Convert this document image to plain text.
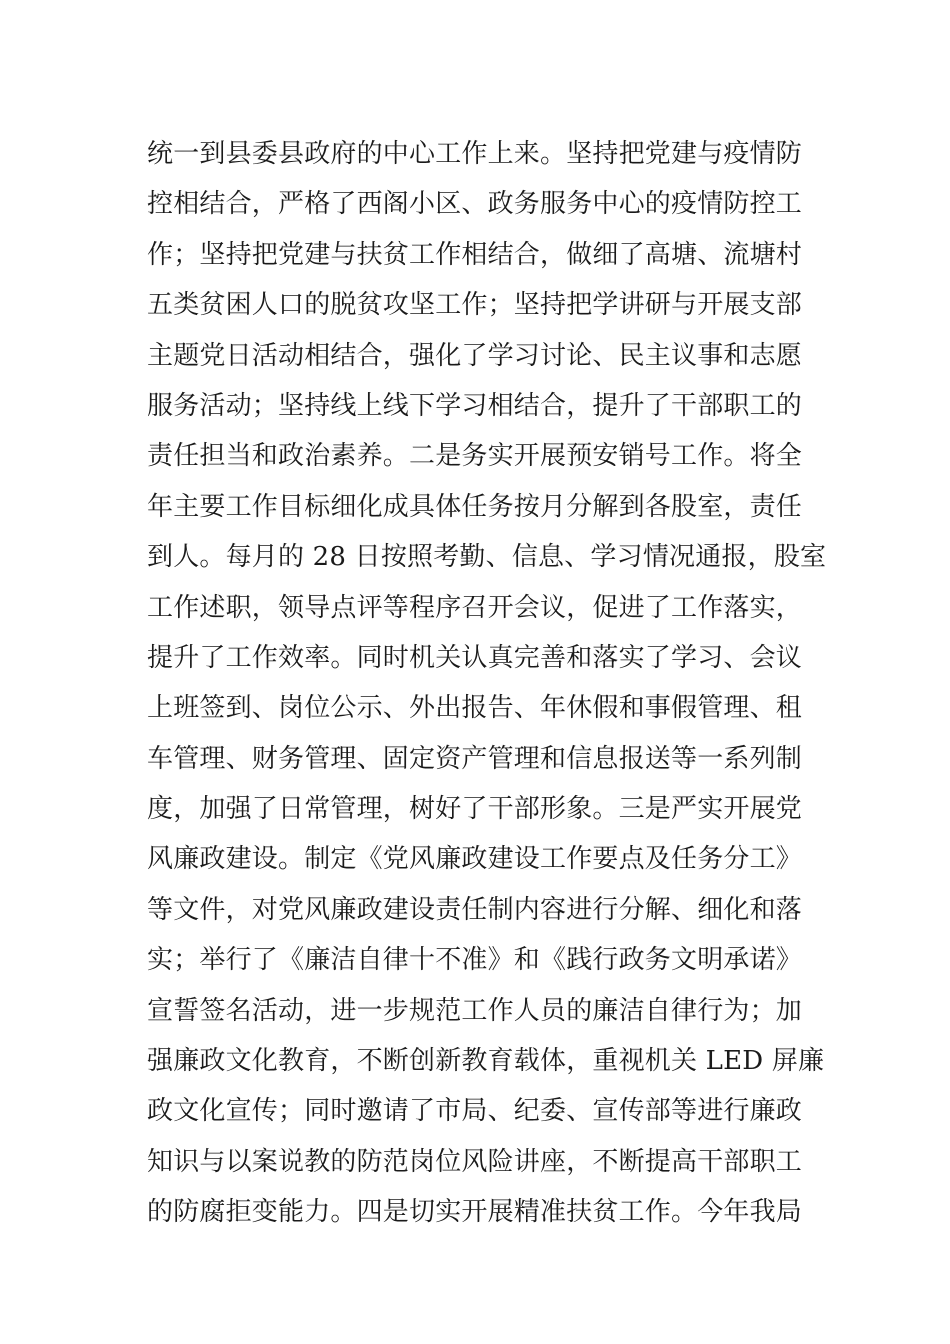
统一到县委县政府的中心工作上来。坚持把党建与疫情防
控相结合，严格了西阁小区、政务服务中心的疫情防控工
作；坚持把党建与扶贫工作相结合，做细了高塘、流塘村
五类贫困人口的脱贫攻坚工作；坚持把学讲研与开展支部
主题党日活动相结合，强化了学习讨论、民主议事和志愿
服务活动；坚持线上线下学习相结合，提升了干部职工的
责任担当和政治素养。二是务实开展预安销号工作。将全
年主要工作目标细化成具体任务按月分解到各股室，责任
到人。每月的 28 日按照考勤、信息、学习情况通报，股室
工作述职，领导点评等程序召开会议，促进了工作落实，
提升了工作效率。同时机关认真完善和落实了学习、会议
上班签到、岗位公示、外出报告、年休假和事假管理、租
车管理、财务管理、固定资产管理和信息报送等一系列制
度，加强了日常管理，树好了干部形象。三是严实开展党
风廉政建设。制定《党风廉政建设工作要点及任务分工》
等文件，对党风廉政建设责任制内容进行分解、细化和落
实；举行了《廉洁自律十不准》和《践行政务文明承诺》
宣誓签名活动，进一步规范工作人员的廉洁自律行为；加
强廉政文化教育，不断创新教育载体，重视机关 LED 屏廉
政文化宣传；同时邀请了市局、纪委、宣传部等进行廉政
知识与以案说教的防范岗位风险讲座，不断提高干部职工
的防腐拒变能力。四是切实开展精准扶贫工作。今年我局
